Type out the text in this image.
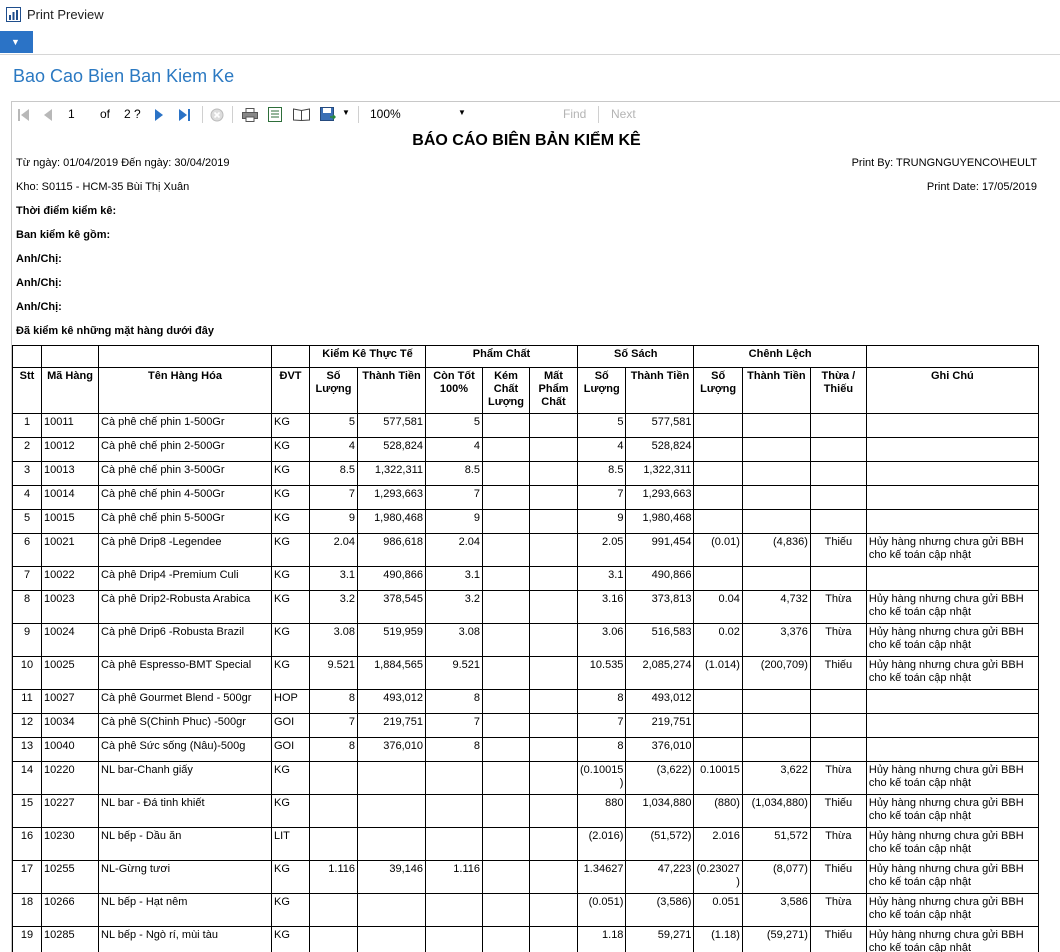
Print Preview
▼
Bao Cao Bien Ban Kiem Ke
1
of 2 ?	▼ 100%	▼	Find Next
BÁO CÁO BIÊN BẢN KIỂM KÊ
Từ ngày: 01/04/2019 Đến ngày: 30/04/2019	Print By: TRUNGNGUYENCO\HEULT
Kho: S0115 - HCM-35 Bùi Thị Xuân	Print Date: 17/05/2019
Thời điểm kiểm kê:
Ban kiểm kê gồm:
Anh/Chị:
Anh/Chị:
Anh/Chị:
Đã kiểm kê những mặt hàng dưới đây
				Kiểm Kê Thực Tế		Phẩm Chất			Số Sách		Chênh Lệch			
Stt	Mã Hàng	Tên Hàng Hóa	ĐVT	Số Lượng	Thành Tiền	Còn Tốt 100%	Kém Chất Lượng	Mất Phẩm Chất	Số Lượng	Thành Tiền	Số Lượng	Thành Tiền	Thừa / Thiếu	Ghi Chú
1	10011	Cà phê chế phin 1-500Gr	KG	5	577,581	5			5	577,581				
2	10012	Cà phê chế phin 2-500Gr	KG	4	528,824	4			4	528,824				
3	10013	Cà phê chế phin 3-500Gr	KG	8.5	1,322,311	8.5			8.5	1,322,311				
4	10014	Cà phê chế phin 4-500Gr	KG	7	1,293,663	7			7	1,293,663				
5	10015	Cà phê chế phin 5-500Gr	KG	9	1,980,468	9			9	1,980,468				
6	10021	Cà phê Drip8 -Legendee	KG	2.04	986,618	2.04			2.05	991,454	(0.01)	(4,836)	Thiếu	Hủy hàng nhưng chưa gửi BBH cho kế toán cập nhật
7	10022	Cà phê Drip4 -Premium Culi	KG	3.1	490,866	3.1			3.1	490,866				
8	10023	Cà phê Drip2-Robusta Arabica	KG	3.2	378,545	3.2			3.16	373,813	0.04	4,732	Thừa	Hủy hàng nhưng chưa gửi BBH cho kế toán cập nhật
9	10024	Cà phê Drip6 -Robusta Brazil	KG	3.08	519,959	3.08			3.06	516,583	0.02	3,376	Thừa	Hủy hàng nhưng chưa gửi BBH cho kế toán cập nhật
10	10025	Cà phê Espresso-BMT Special	KG	9.521	1,884,565	9.521			10.535	2,085,274	(1.014)	(200,709)	Thiếu	Hủy hàng nhưng chưa gửi BBH cho kế toán cập nhật
11	10027	Cà phê Gourmet Blend - 500gr	HOP	8	493,012	8			8	493,012				
12	10034	Cà phê S(Chinh Phuc) -500gr	GOI	7	219,751	7			7	219,751				
13	10040	Cà phê Sức sống (Nâu)-500g	GOI	8	376,010	8			8	376,010				
14	10220	NL bar-Chanh giấy	KG						(0.10015 )	(3,622)	0.10015	3,622	Thừa	Hủy hàng nhưng chưa gửi BBH cho kế toán cập nhật
15	10227	NL bar - Đá tinh khiết	KG						880	1,034,880	(880)	(1,034,880)	Thiếu	Hủy hàng nhưng chưa gửi BBH cho kế toán cập nhật
16	10230	NL bếp - Dầu ăn	LIT						(2.016)	(51,572)	2.016	51,572	Thừa	Hủy hàng nhưng chưa gửi BBH cho kế toán cập nhật
17	10255	NL-Gừng tươi	KG	1.116	39,146	1.116			1.34627	47,223	(0.23027 )	(8,077)	Thiếu	Hủy hàng nhưng chưa gửi BBH cho kế toán cập nhật
18	10266	NL bếp - Hạt nêm	KG						(0.051)	(3,586)	0.051	3,586	Thừa	Hủy hàng nhưng chưa gửi BBH cho kế toán cập nhật
19	10285	NL bếp - Ngò rí, mùi tàu	KG						1.18	59,271	(1.18)	(59,271)	Thiếu	Hủy hàng nhưng chưa gửi BBH cho kế toán cập nhật
